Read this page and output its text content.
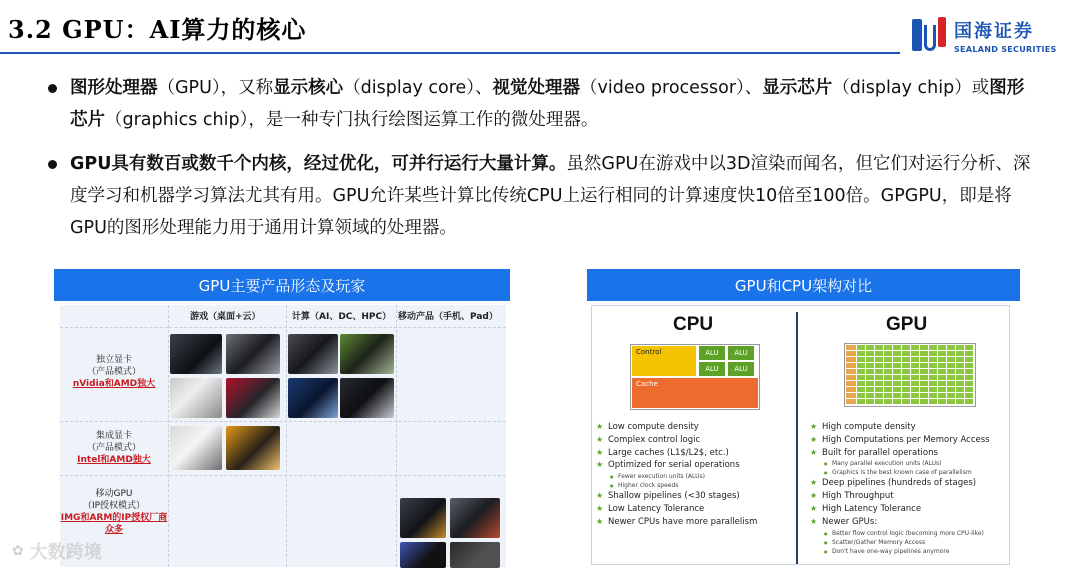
3.2 GPU：AI算力的核心	国海证券
SEALAND SECURITIES
图形处理器（GPU），又称显示核心（display core）、视觉处理器（video processor）、显示芯片（display chip）或图形芯片（graphics chip），是一种专门执行绘图运算工作的微处理器。
GPU具有数百或数千个内核，经过优化，可并行运行大量计算。虽然GPU在游戏中以3D渲染而闻名，但它们对运行分析、深度学习和机器学习算法尤其有用。GPU允许某些计算比传统CPU上运行相同的计算速度快10倍至100倍。GPGPU，即是将GPU的图形处理能力用于通用计算领域的处理器。
GPU主要产品形态及玩家
游戏（桌面+云）	计算（AI、DC、HPC） 移动产品（手机、Pad）
独立显卡
（产品模式）
nVidia和AMD独大
集成显卡
（产品模式）
Intel和AMD独大
移动GPU
（IP授权模式）
IMG和ARM的IP授权厂商众多
GPU和CPU架构对比
CPU	GPU
Control	ALU	ALU
ALU	ALU
Cache
★ Low compute density
★ Complex control logic
★ Large caches (L1$/L2$, etc.)
★ Optimized for serial operations
● Fewer execution units (ALUs)
● Higher clock speeds
★ Shallow pipelines (<30 stages)
★ Low Latency Tolerance
★ Newer CPUs have more parallelism
★ High compute density
★ High Computations per Memory Access
★ Built for parallel operations
● Many parallel execution units (ALUs)
● Graphics is the best known case of parallelism
★ Deep pipelines (hundreds of stages)
★ High Throughput
★ High Latency Tolerance
★ Newer GPUs:
● Better flow control logic (becoming more CPU-like)
● Scatter/Gather Memory Access
● Don't have one-way pipelines anymore
✿ 大数跨境
